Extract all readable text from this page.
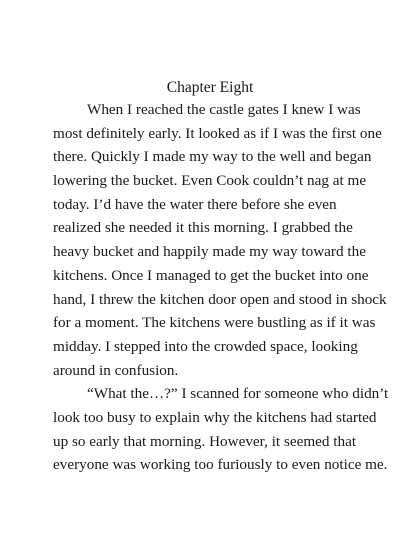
Chapter Eight
When I reached the castle gates I knew I was
most definitely early. It looked as if I was the first one
there. Quickly I made my way to the well and began
lowering the bucket. Even Cook couldn’t nag at me
today. I’d have the water there before she even
realized she needed it this morning. I grabbed the
heavy bucket and happily made my way toward the
kitchens. Once I managed to get the bucket into one
hand, I threw the kitchen door open and stood in shock
for a moment. The kitchens were bustling as if it was
midday. I stepped into the crowded space, looking
around in confusion.
“What the…?” I scanned for someone who didn’t
look too busy to explain why the kitchens had started
up so early that morning. However, it seemed that
everyone was working too furiously to even notice me.
